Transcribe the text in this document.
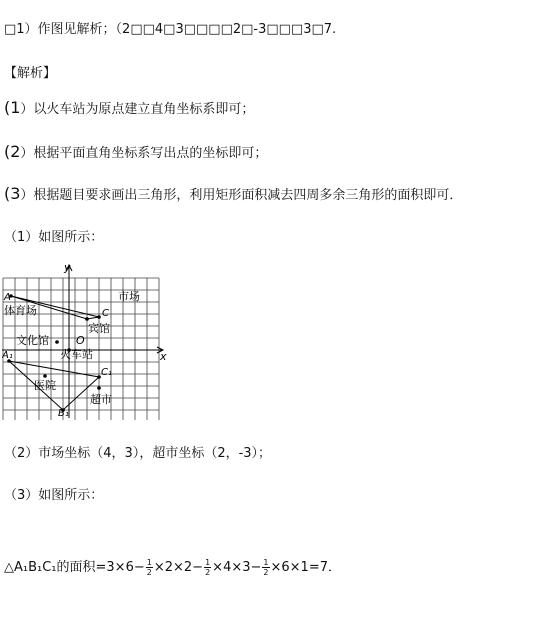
□1）作图见解析；（2□□4□3□□□□2□-3□□□3□7.
【解析】
(1）以火车站为原点建立直角坐标系即可；
(2）根据平面直角坐标系写出点的坐标即可；
(3）根据题目要求画出三角形，利用矩形面积减去四周多余三角形的面积即可．
（1）如图所示：
x
y
O
市场
体育场
宾馆
文化馆
火车站
医院
超市
A
C
A₁
C₁
B₁
（2）市场坐标（4，3），超市坐标（2，-3）；
（3）如图所示：
△A₁B₁C₁的面积$=3\times 6- \frac{1}{2} \times 2\times 2- \frac{1}{2} \times 4\times 3- \frac{1}{2} \times 6\times 1=7$．
